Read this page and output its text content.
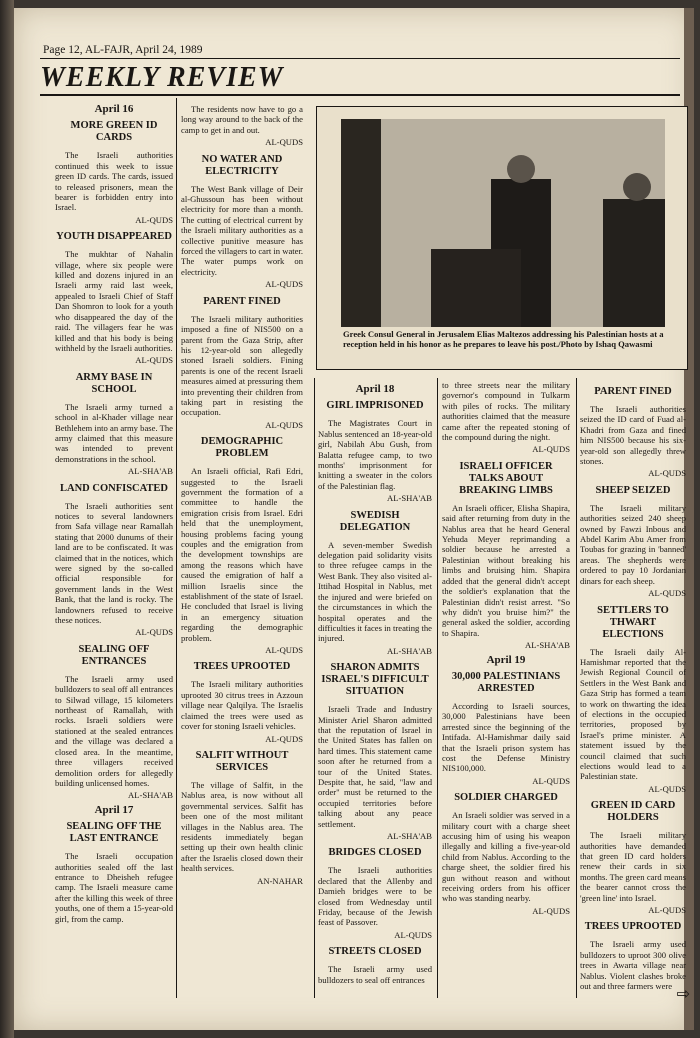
Page 12, AL-FAJR, April 24, 1989
WEEKLY REVIEW
Greek Consul General in Jerusalem Elias Maltezos addressing his Palestinian hosts at a reception held in his honor as he prepares to leave his post./Photo by Ishaq Qawasmi
April 16
MORE GREEN ID CARDS

The Israeli authorities continued this week to issue green ID cards. The cards, issued to released prisoners, mean the bearer is forbidden entry into Israel.

AL-QUDS
YOUTH DISAPPEARED

The mukhtar of Nahalin village, where six people were killed and dozens injured in an Israeli army raid last week, appealed to Israeli Chief of Staff Dan Shomron to look for a youth who disappeared the day of the raid. The villagers fear he was killed and that his body is being withheld by the Israeli authorities.

AL-QUDS
ARMY BASE IN SCHOOL

The Israeli army turned a school in al-Khader village near Bethlehem into an army base. The army claimed that this measure was intended to prevent demonstrations in the school.

AL-SHA'AB
LAND CONFISCATED

The Israeli authorities sent notices to several landowners from Safa village near Ramallah stating that 2000 dunums of their land are to be confiscated. It was claimed that in the notices, which were signed by the so-called official responsible for government lands in the West Bank, that the land is rocky. The landowners refused to receive these notices.

AL-QUDS
SEALING OFF ENTRANCES

The Israeli army used bulldozers to seal off all entrances to Silwad village, 15 kilometers northeast of Ramallah, with rocks. Israeli soldiers were stationed at the sealed entrances and the village was declared a closed area. In the meantime, three villagers received demolition orders for allegedly building unlicensed homes.

AL-SHA'AB
April 17
SEALING OFF THE LAST ENTRANCE

The Israeli occupation authorities sealed off the last entrance to Dheisheh refugee camp. The Israeli measure came after the killing this week of three youths, one of them a 15-year-old girl, from the camp.

The residents now have to go a long way around to the back of the camp to get in and out.

AL-QUDS
NO WATER AND ELECTRICITY

The West Bank village of Deir al-Ghussoun has been without electricity for more than a month. The cutting of electrical current by the Israeli military authorities as a collective punitive measure has forced the villagers to cart in water. The water pumps work on electricity.

AL-QUDS
PARENT FINED

The Israeli military authorities imposed a fine of NIS500 on a parent from the Gaza Strip, after his 12-year-old son allegedly stoned Israeli soldiers. Fining parents is one of the recent Israeli measures aimed at pressuring them into preventing their children from taking part in resisting the occupation.

AL-QUDS
DEMOGRAPHIC PROBLEM

An Israeli official, Rafi Edri, suggested to the Israeli government the formation of a committee to handle the emigration crisis from Israel. Edri held that the unemployment, housing problems facing young couples and the emigration from the development townships are among the reasons which have caused the emigration of half a million Israelis since the establishment of the state of Israel. He concluded that Israel is living in an emergency situation regarding the demographic problem.

AL-QUDS
TREES UPROOTED

The Israeli military authorities uprooted 30 citrus trees in Azzoun village near Qalqilya. The Israelis claimed the trees were used as cover for stoning Israeli vehicles.

AL-QUDS
SALFIT WITHOUT SERVICES

The village of Salfit, in the Nablus area, is now without all governmental services. Salfit has been one of the most militant villages in the Nablus area. The residents immediately began setting up their own health clinic after the Israelis closed down their health services.

AN-NAHAR
April 18
GIRL IMPRISONED

The Magistrates Court in Nablus sentenced an 18-year-old girl, Nabilah Abu Gush, from Balatta refugee camp, to two months' imprisonment for knitting a sweater in the colors of the Palestinian flag.

AL-SHA'AB
SWEDISH DELEGATION

A seven-member Swedish delegation paid solidarity visits to three refugee camps in the West Bank. They also visited al-Ittihad Hospital in Nablus, met the injured and were briefed on the circumstances in which the hospital operates and the difficulties it faces in treating the injured.

AL-SHA'AB
SHARON ADMITS ISRAEL'S DIFFICULT SITUATION

Israeli Trade and Industry Minister Ariel Sharon admitted that the reputation of Israel in the United States has fallen on hard times. This statement came soon after he returned from a tour of the United States. Despite that, he said, "law and order" must be returned to the occupied territories before talking about any peace settlement.

AL-SHA'AB
BRIDGES CLOSED

The Israeli authorities declared that the Allenby and Damieh bridges were to be closed from Wednesday until Friday, because of the Jewish feast of Passover.

AL-QUDS
STREETS CLOSED

The Israeli army used bulldozers to seal off entrances

to three streets near the military governor's compound in Tulkarm with piles of rocks. The military authorities claimed that the measure came after the repeated stoning of the compound during the night.

AL-QUDS
ISRAELI OFFICER TALKS ABOUT BREAKING LIMBS

An Israeli officer, Elisha Shapira, said after returning from duty in the Nablus area that he heard General Yehuda Meyer reprimanding a soldier because he arrested a Palestinian without breaking his limbs and bruising him. Shapira added that the general didn't accept the soldier's explanation that the Palestinian didn't resist arrest. "So why didn't you bruise him?" the general asked the soldier, according to Shapira.

AL-SHA'AB
April 19
30,000 PALESTINIANS ARRESTED

According to Israeli sources, 30,000 Palestinians have been arrested since the beginning of the Intifada. Al-Hamishmar daily said that the Israeli prison system has cost the Defense Ministry NIS100,000.

AL-QUDS
SOLDIER CHARGED

An Israeli soldier was served in a military court with a charge sheet accusing him of using his weapon illegally and killing a five-year-old child from Nablus. According to the charge sheet, the soldier fired his gun without reason and without receiving orders from his officer who was standing nearby.

AL-QUDS
PARENT FINED

The Israeli authorities seized the ID card of Fuad al-Khadri from Gaza and fined him NIS500 because his six-year-old son allegedly threw stones.

AL-QUDS
SHEEP SEIZED

The Israeli military authorities seized 240 sheep owned by Fawzi Inbous and Abdel Karim Abu Amer from Toubas for grazing in 'banned' areas. The shepherds were ordered to pay 10 Jordanian dinars for each sheep.

AL-QUDS
SETTLERS TO THWART ELECTIONS

The Israeli daily Al-Hamishmar reported that the Jewish Regional Council of Settlers in the West Bank and Gaza Strip has formed a team to work on thwarting the idea of elections in the occupied territories, proposed by Israel's prime minister. A statement issued by the council claimed that such elections would lead to a Palestinian state.

AL-QUDS
GREEN ID CARD HOLDERS

The Israeli military authorities have demanded that green ID card holders renew their cards in six months. The green card means the bearer cannot cross the 'green line' into Israel.

AL-QUDS
TREES UPROOTED

The Israeli army used bulldozers to uproot 300 olive trees in Awarta village near Nablus. Violent clashes broke out and three farmers were ⇨
